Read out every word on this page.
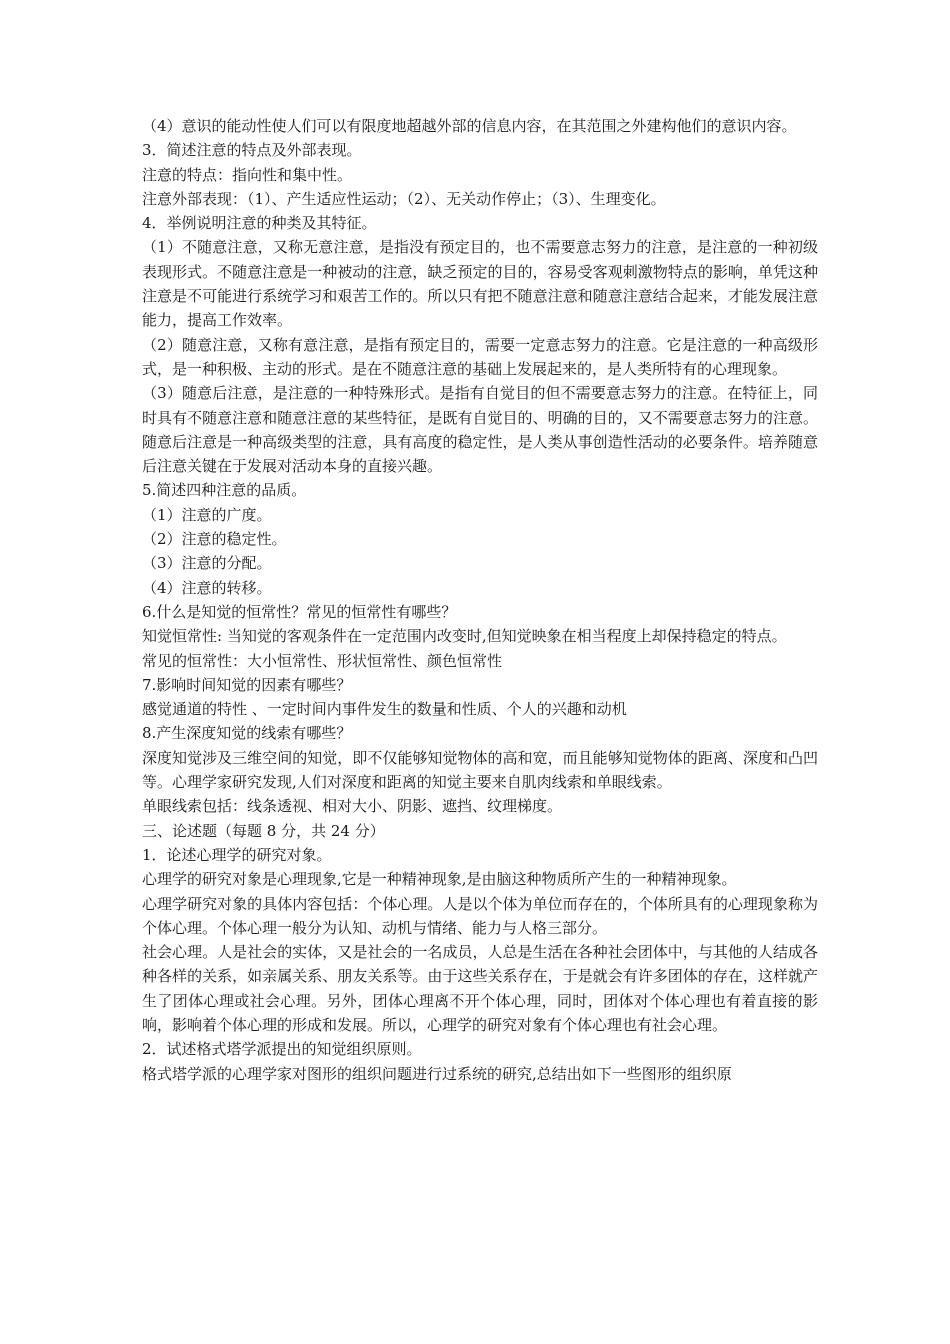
（4）意识的能动性使人们可以有限度地超越外部的信息内容，在其范围之外建构他们的意识内容。

3．简述注意的特点及外部表现。

注意的特点：指向性和集中性。

注意外部表现：（1）、产生适应性运动；（2）、无关动作停止；（3）、生理变化。

4．举例说明注意的种类及其特征。

（1）不随意注意，又称无意注意，是指没有预定目的，也不需要意志努力的注意，是注意的一种初级表现形式。不随意注意是一种被动的注意，缺乏预定的目的，容易受客观刺激物特点的影响，单凭这种注意是不可能进行系统学习和艰苦工作的。所以只有把不随意注意和随意注意结合起来，才能发展注意能力，提高工作效率。

（2）随意注意，又称有意注意，是指有预定目的，需要一定意志努力的注意。它是注意的一种高级形式，是一种积极、主动的形式。是在不随意注意的基础上发展起来的，是人类所特有的心理现象。

（3）随意后注意，是注意的一种特殊形式。是指有自觉目的但不需要意志努力的注意。在特征上，同时具有不随意注意和随意注意的某些特征，是既有自觉目的、明确的目的，又不需要意志努力的注意。随意后注意是一种高级类型的注意，具有高度的稳定性，是人类从事创造性活动的必要条件。培养随意后注意关键在于发展对活动本身的直接兴趣。

5.简述四种注意的品质。

（1）注意的广度。

（2）注意的稳定性。

（3）注意的分配。

（4）注意的转移。

6.什么是知觉的恒常性？常见的恒常性有哪些？

知觉恒常性: 当知觉的客观条件在一定范围内改变时,但知觉映象在相当程度上却保持稳定的特点。

常见的恒常性：大小恒常性、形状恒常性、颜色恒常性

7.影响时间知觉的因素有哪些？

感觉通道的特性 、一定时间内事件发生的数量和性质、个人的兴趣和动机

8.产生深度知觉的线索有哪些？

深度知觉涉及三维空间的知觉，即不仅能够知觉物体的高和宽，而且能够知觉物体的距离、深度和凸凹等。心理学家研究发现,人们对深度和距离的知觉主要来自肌肉线索和单眼线索。

单眼线索包括：线条透视、相对大小、阴影、遮挡、纹理梯度。

三、论述题（每题 8 分，共 24 分）

1．论述心理学的研究对象。

心理学的研究对象是心理现象,它是一种精神现象,是由脑这种物质所产生的一种精神现象。

心理学研究对象的具体内容包括：个体心理。人是以个体为单位而存在的，个体所具有的心理现象称为个体心理。个体心理一般分为认知、动机与情绪、能力与人格三部分。

社会心理。人是社会的实体，又是社会的一名成员，人总是生活在各种社会团体中，与其他的人结成各种各样的关系，如亲属关系、朋友关系等。由于这些关系存在，于是就会有许多团体的存在，这样就产生了团体心理或社会心理。另外，团体心理离不开个体心理，同时，团体对个体心理也有着直接的影响，影响着个体心理的形成和发展。所以，心理学的研究对象有个体心理也有社会心理。

2．试述格式塔学派提出的知觉组织原则。

格式塔学派的心理学家对图形的组织问题进行过系统的研究,总结出如下一些图形的组织原
